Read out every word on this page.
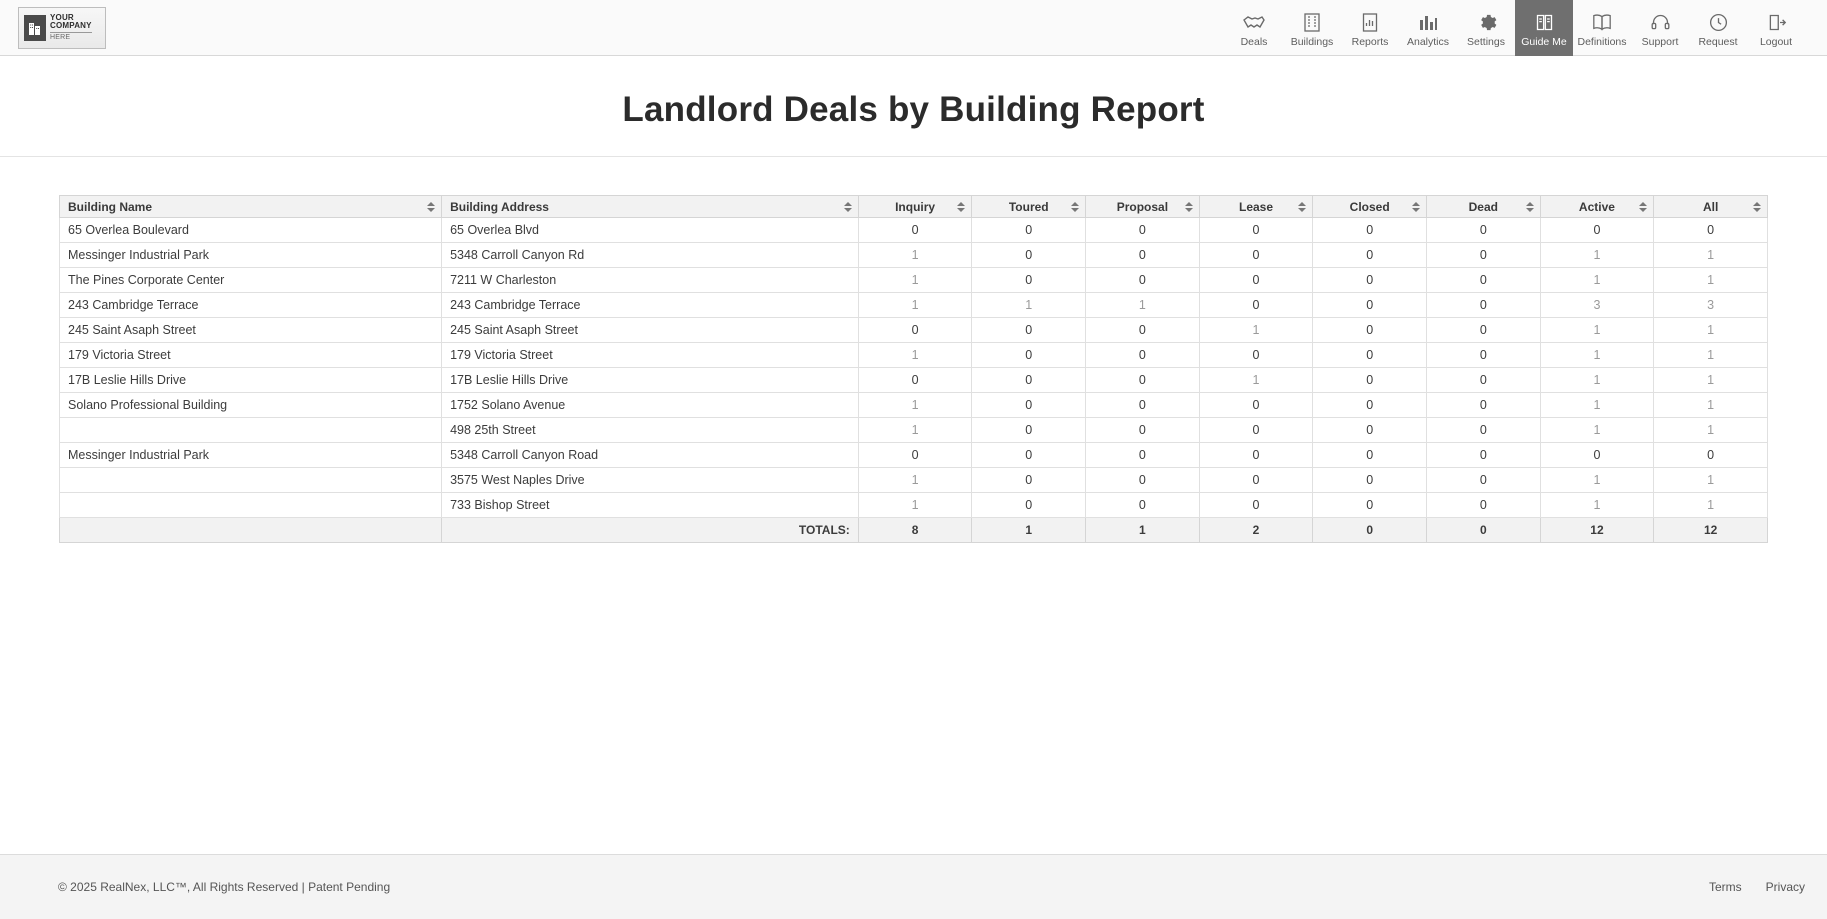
YOUR
COMPANY
HERE	Deals Buildings Reports Analytics Settings Guide Me Definitions Support Request Logout
Landlord Deals by Building Report
Building Name	Building Address	Inquiry	Toured	Proposal	Lease	Closed	Dead	Active	All

65 Overlea Boulevard	65 Overlea Blvd	0	0	0	0	0	0	0	0
Messinger Industrial Park	5348 Carroll Canyon Rd	1	0	0	0	0	0	1	1
The Pines Corporate Center	7211 W Charleston	1	0	0	0	0	0	1	1
243 Cambridge Terrace	243 Cambridge Terrace	1	1	1	0	0	0	3	3
245 Saint Asaph Street	245 Saint Asaph Street	0	0	0	1	0	0	1	1
179 Victoria Street	179 Victoria Street	1	0	0	0	0	0	1	1
17B Leslie Hills Drive	17B Leslie Hills Drive	0	0	0	1	0	0	1	1
Solano Professional Building	1752 Solano Avenue	1	0	0	0	0	0	1	1
	498 25th Street	1	0	0	0	0	0	1	1
Messinger Industrial Park	5348 Carroll Canyon Road	0	0	0	0	0	0	0	0
	3575 West Naples Drive	1	0	0	0	0	0	1	1
	733 Bishop Street	1	0	0	0	0	0	1	1
	TOTALS:	8	1	1	2	0	0	12	12
© 2025 RealNex, LLC™, All Rights Reserved | Patent Pending	Terms Privacy
